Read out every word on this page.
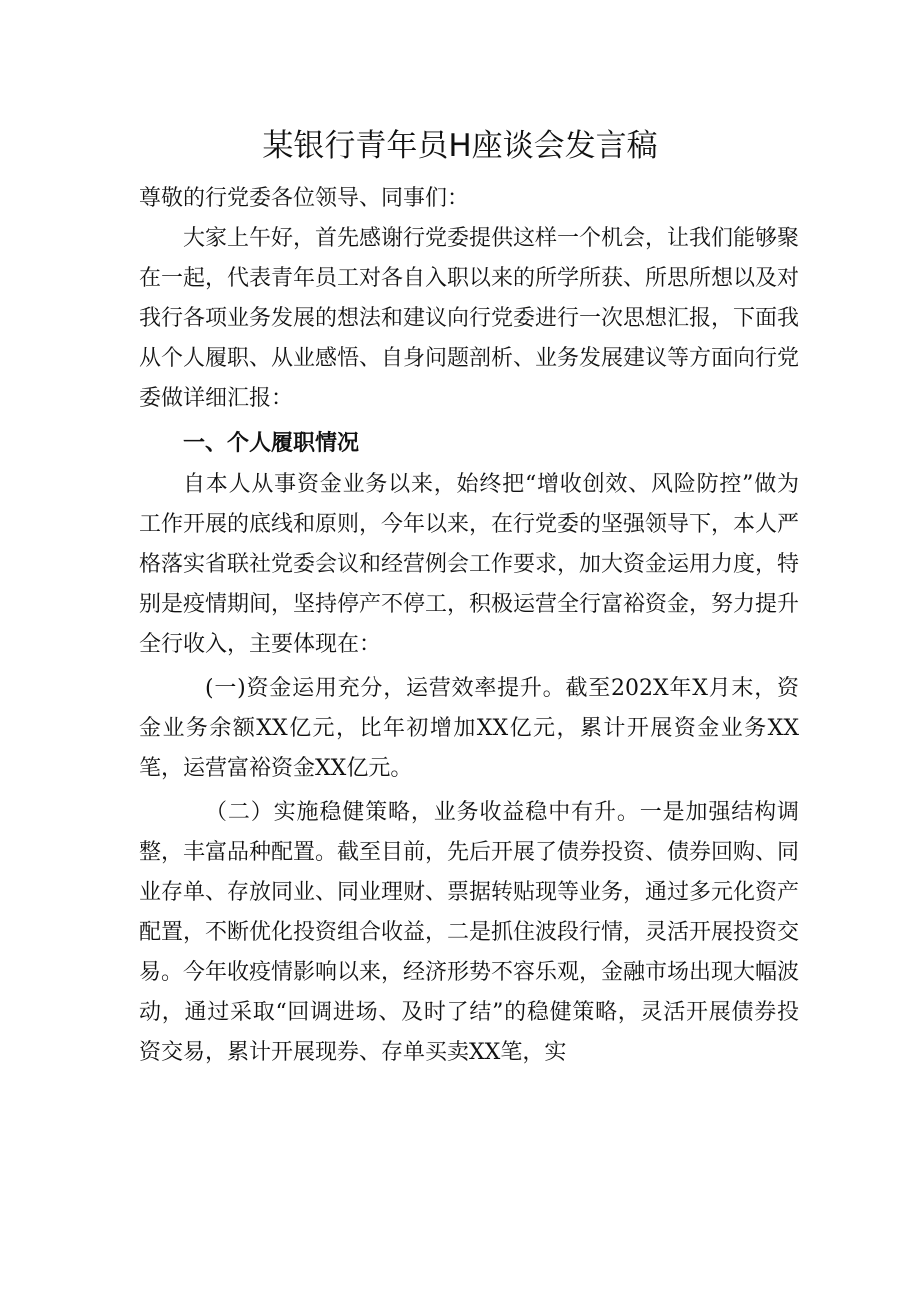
某银行青年员H座谈会发言稿

尊敬的行党委各位领导、同事们：

大家上午好，首先感谢行党委提供这样一个机会，让我们能够聚在一起，代表青年员工对各自入职以来的所学所获、所思所想以及对我行各项业务发展的想法和建议向行党委进行一次思想汇报，下面我从个人履职、从业感悟、自身问题剖析、业务发展建议等方面向行党委做详细汇报：

一、个人履职情况

自本人从事资金业务以来，始终把“增收创效、风险防控”做为工作开展的底线和原则，今年以来，在行党委的坚强领导下，本人严格落实省联社党委会议和经营例会工作要求，加大资金运用力度，特别是疫情期间，坚持停产不停工，积极运营全行富裕资金，努力提升全行收入，主要体现在：

(一)资金运用充分，运营效率提升。截至202X年X月末，资金业务余额XX亿元，比年初增加XX亿元，累计开展资金业务XX笔，运营富裕资金XX亿元。

（二）实施稳健策略，业务收益稳中有升。一是加强结构调整，丰富品种配置。截至目前，先后开展了债券投资、债券回购、同业存单、存放同业、同业理财、票据转贴现等业务，通过多元化资产配置，不断优化投资组合收益，二是抓住波段行情，灵活开展投资交易。今年收疫情影响以来，经济形势不容乐观，金融市场出现大幅波动，通过采取“回调进场、及时了结”的稳健策略，灵活开展债券投资交易，累计开展现券、存单买卖XX笔，实
